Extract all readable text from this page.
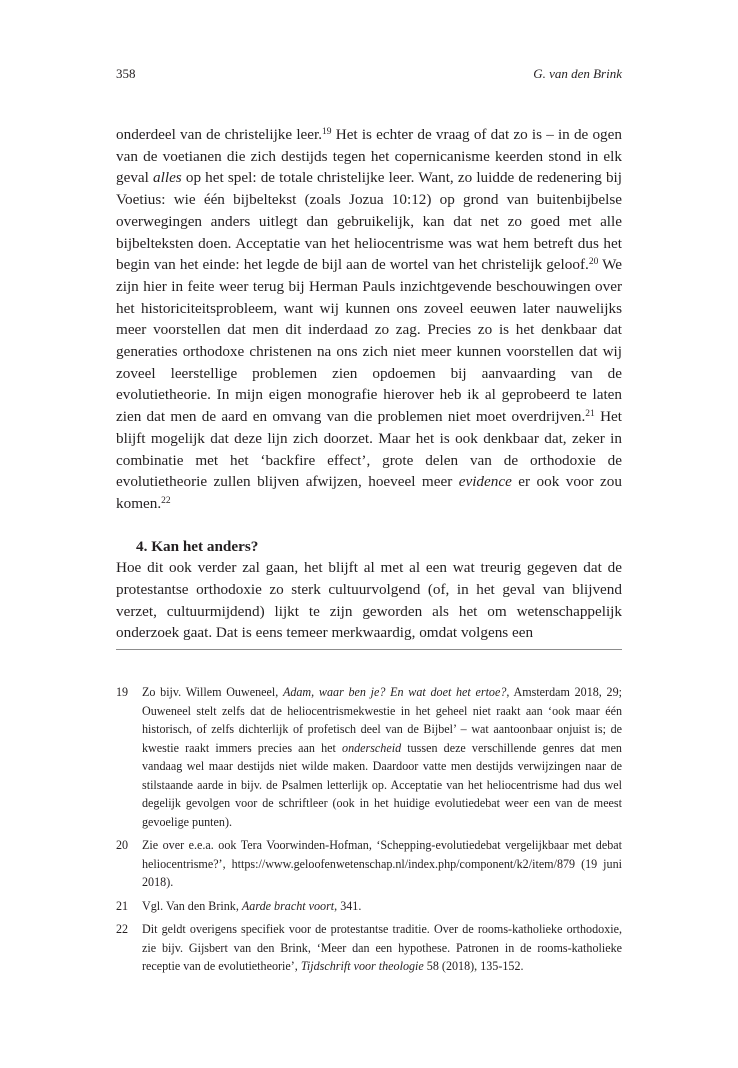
358	G. van den Brink

onderdeel van de christelijke leer.$^{19}$ Het is echter de vraag of dat zo is – in de ogen van de voetianen die zich destijds tegen het copernicanisme keerden stond in elk geval alles op het spel: de totale christelijke leer. Want, zo luidde de redenering bij Voetius: wie één bijbeltekst (zoals Jozua 10:12) op grond van buitenbijbelse overwegingen anders uitlegt dan gebruikelijk, kan dat net zo goed met alle bijbelteksten doen. Acceptatie van het heliocentrisme was wat hem betreft dus het begin van het einde: het legde de bijl aan de wortel van het christelijk geloof.$^{20}$ We zijn hier in feite weer terug bij Herman Pauls inzichtgevende beschouwingen over het historiciteitsprobleem, want wij kunnen ons zoveel eeuwen later nauwelijks meer voorstellen dat men dit inderdaad zo zag. Precies zo is het denkbaar dat generaties orthodoxe christenen na ons zich niet meer kunnen voorstellen dat wij zoveel leerstellige problemen zien opdoemen bij aanvaarding van de evolutietheorie. In mijn eigen monografie hierover heb ik al geprobeerd te laten zien dat men de aard en omvang van die problemen niet moet overdrijven.$^{21}$ Het blijft mogelijk dat deze lijn zich doorzet. Maar het is ook denkbaar dat, zeker in combinatie met het ‘backfire effect’, grote delen van de orthodoxie de evolutietheorie zullen blijven afwijzen, hoeveel meer evidence er ook voor zou komen.$^{22}$

4. Kan het anders?

Hoe dit ook verder zal gaan, het blijft al met al een wat treurig gegeven dat de protestantse orthodoxie zo sterk cultuurvolgend (of, in het geval van blijvend verzet, cultuurmijdend) lijkt te zijn geworden als het om wetenschappelijk onderzoek gaat. Dat is eens temeer merkwaardig, omdat volgens een

19	Zo bijv. Willem Ouweneel, Adam, waar ben je? En wat doet het ertoe?, Amsterdam 2018, 29; Ouweneel stelt zelfs dat de heliocentrismekwestie in het geheel niet raakt aan ‘ook maar één historisch, of zelfs dichterlijk of profetisch deel van de Bijbel’ – wat aantoonbaar onjuist is; de kwestie raakt immers precies aan het onderscheid tussen deze verschillende genres dat men vandaag wel maar destijds niet wilde maken. Daardoor vatte men destijds verwijzingen naar de stilstaande aarde in bijv. de Psalmen letterlijk op. Acceptatie van het heliocentrisme had dus wel degelijk gevolgen voor de schriftleer (ook in het huidige evolutiedebat weer een van de meest gevoelige punten).
20	Zie over e.e.a. ook Tera Voorwinden-Hofman, ‘Schepping-evolutiedebat vergelijkbaar met debat heliocentrisme?’, https://www.geloofenwetenschap.nl/index.php/component/k2/item/879 (19 juni 2018).
21	Vgl. Van den Brink, Aarde bracht voort, 341.
22	Dit geldt overigens specifiek voor de protestantse traditie. Over de rooms-katholieke orthodoxie, zie bijv. Gijsbert van den Brink, ‘Meer dan een hypothese. Patronen in de rooms-katholieke receptie van de evolutietheorie’, Tijdschrift voor theologie 58 (2018), 135-152.
